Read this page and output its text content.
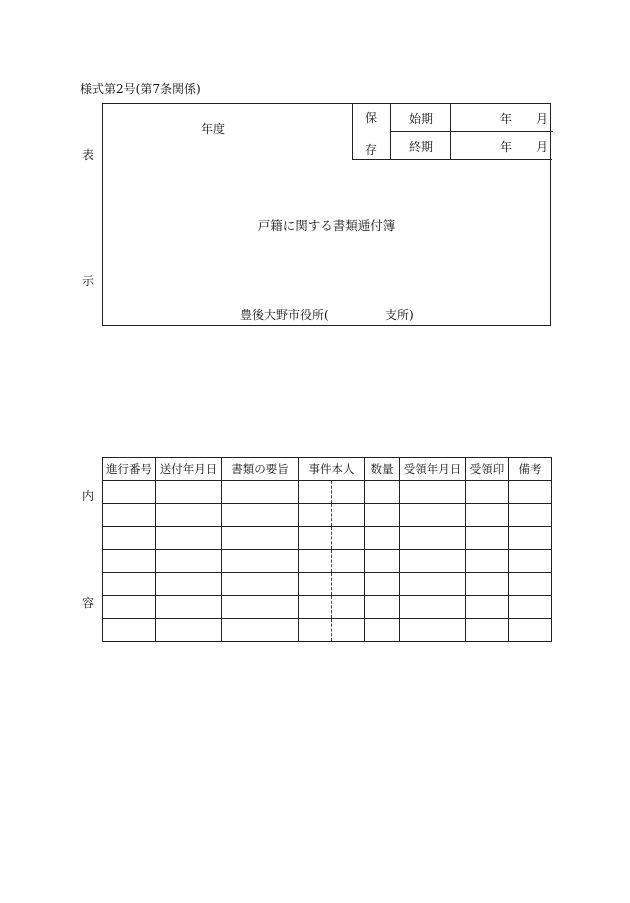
様式第2号(第7条関係)
表
示
年度
保
存
始期	年 月
終期	年 月
戸籍に関する書類逓付簿
豊後大野市役所(	支所)
内
容
進行番号	送付年月日	書類の要旨	事件本人		数量	受領年月日	受領印	備考
